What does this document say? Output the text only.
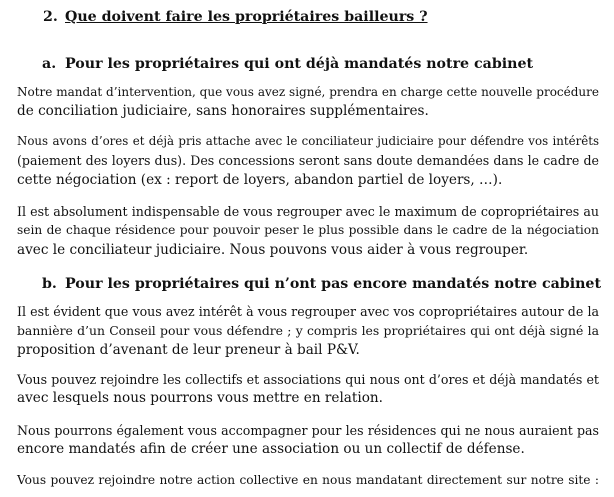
2. Que doivent faire les propriétaires bailleurs ?
a. Pour les propriétaires qui ont déjà mandatés notre cabinet

Notre mandat d’intervention, que vous avez signé, prendra en charge cette nouvelle procédure
de conciliation judiciaire, sans honoraires supplémentaires.

Nous avons d’ores et déjà pris attache avec le conciliateur judiciaire pour défendre vos intérêts
(paiement des loyers dus). Des concessions seront sans doute demandées dans le cadre de
cette négociation (ex : report de loyers, abandon partiel de loyers, …).

Il est absolument indispensable de vous regrouper avec le maximum de copropriétaires au
sein de chaque résidence pour pouvoir peser le plus possible dans le cadre de la négociation
avec le conciliateur judiciaire. Nous pouvons vous aider à vous regrouper.

b. Pour les propriétaires qui n’ont pas encore mandatés notre cabinet

Il est évident que vous avez intérêt à vous regrouper avec vos copropriétaires autour de la
bannière d’un Conseil pour vous défendre ; y compris les propriétaires qui ont déjà signé la
proposition d’avenant de leur preneur à bail P&V.

Vous pouvez rejoindre les collectifs et associations qui nous ont d’ores et déjà mandatés et
avec lesquels nous pourrons vous mettre en relation.

Nous pourrons également vous accompagner pour les résidences qui ne nous auraient pas
encore mandatés afin de créer une association ou un collectif de défense.

Vous pouvez rejoindre notre action collective en nous mandatant directement sur notre site :
